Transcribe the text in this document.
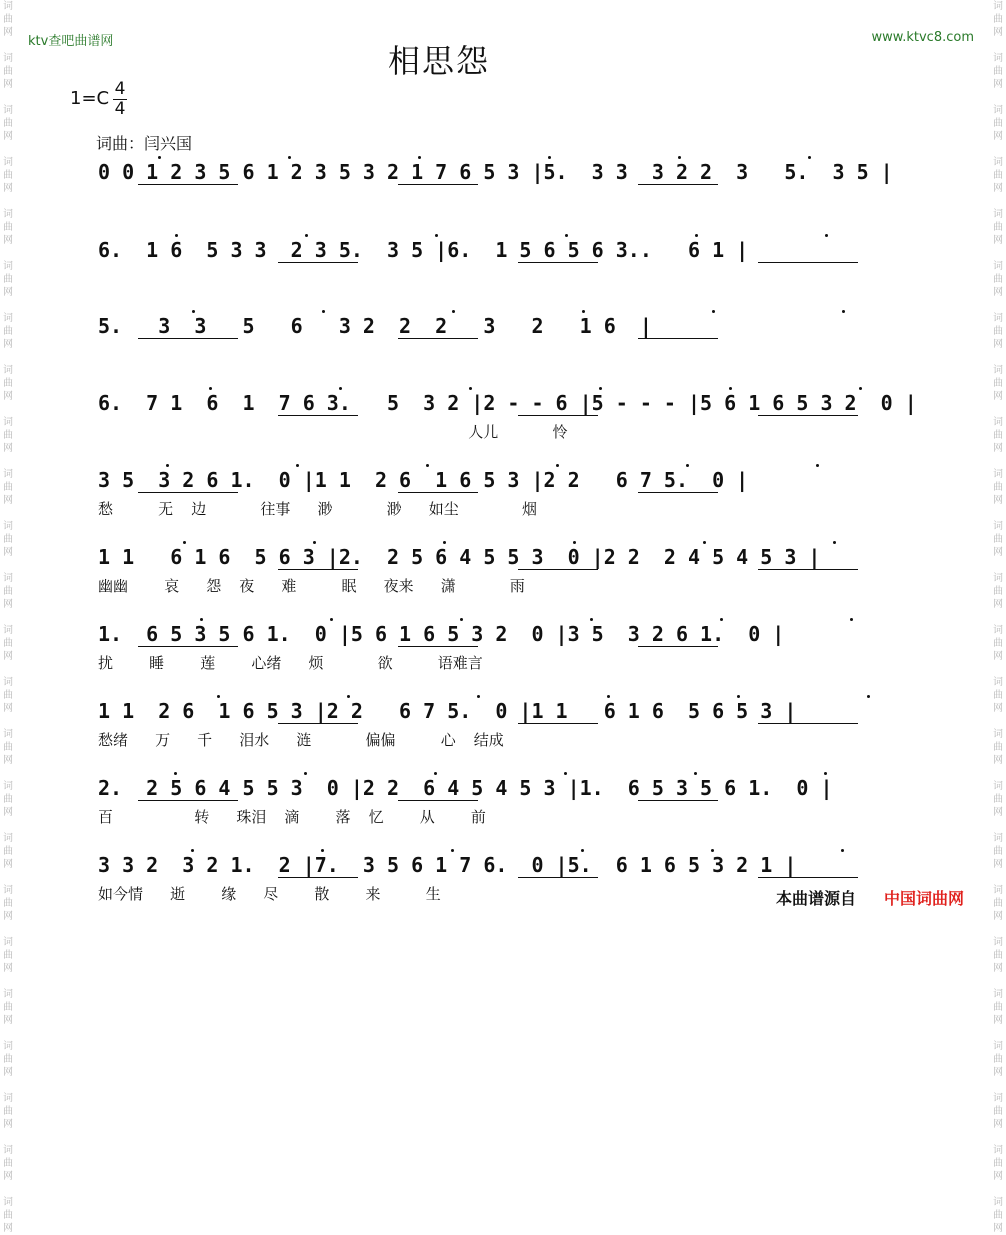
词
曲
网

词
曲
网

词
曲
网

词
曲
网

词
曲
网

词
曲
网

词
曲
网

词
曲
网

词
曲
网

词
曲
网

词
曲
网

词
曲
网

词
曲
网

词
曲
网

词
曲
网

词
曲
网

词
曲
网

词
曲
网

词
曲
网

词
曲
网

词
曲
网

词
曲
网

词
曲
网

词
曲
网

词
曲
网

词
曲
网

词
曲
网

词
曲
网

词
曲
网

词
曲
网

词
曲
网

词
曲
网

词
曲
网

词
曲
网

词
曲
网

词
曲
网

词
曲
网

词
曲
网

词
曲
网

词
曲
网

词
曲
网

词
曲
网

词
曲
网

词
曲
网

词
曲
网

词
曲
网

词
曲
网

词
曲
网

ktv查吧曲谱网	www.ktvc8.com
相思怨
1=C 4
4
词曲：闫兴国
0 0 1 2 3 5 6 1 2 3 5 3 2 1 7 6 5 3 |5.  3 3  3 2 2  3   5.  3 5 |
6.  1 6  5 3 3  2 3 5.  3 5 |6.  1 5 6 5 6 3..   6 1 |
5.   3  3   5   6   3 2  2  2   3   2   1 6  |
6.  7 1  6  1  7 6 3.   5  3 2 |2 - - 6 |5 - - - |5 6 1 6 5 3 2  0 |
人儿      怜
3 5  3 2 6 1.  0 |1 1  2 6  1 6 5 3 |2 2   6 7 5.  0 |
愁     无  边      往事   渺      渺   如尘       烟
1 1   6 1 6  5 6 3 |2.  2 5 6 4 5 5 3  0 |2 2  2 4 5 4 5 3 |
幽幽    哀   怨  夜   难     眠   夜来   潇      雨
1.  6 5 3 5 6 1.  0 |5 6 1 6 5 3 2  0 |3 5  3 2 6 1.  0 |
扰    睡    莲    心绪   烦      欲     语难言
1 1  2 6  1 6 5 3 |2 2   6 7 5.  0 |1 1   6 1 6  5 6 5 3 |
愁绪   万   千   泪水   涟      偏偏     心  结成
2.  2 5 6 4 5 5 3  0 |2 2  6 4 5 4 5 3 |1.  6 5 3 5 6 1.  0 |
百         转   珠泪  滴    落  忆    从    前
3 3 2  3 2 1.  2 |7.  3 5 6 1 7 6.  0 |5.  6 1 6 5 3 2 1 |
如今情   逝    缘   尽    散    来     生	本曲谱源自 中国词曲网
